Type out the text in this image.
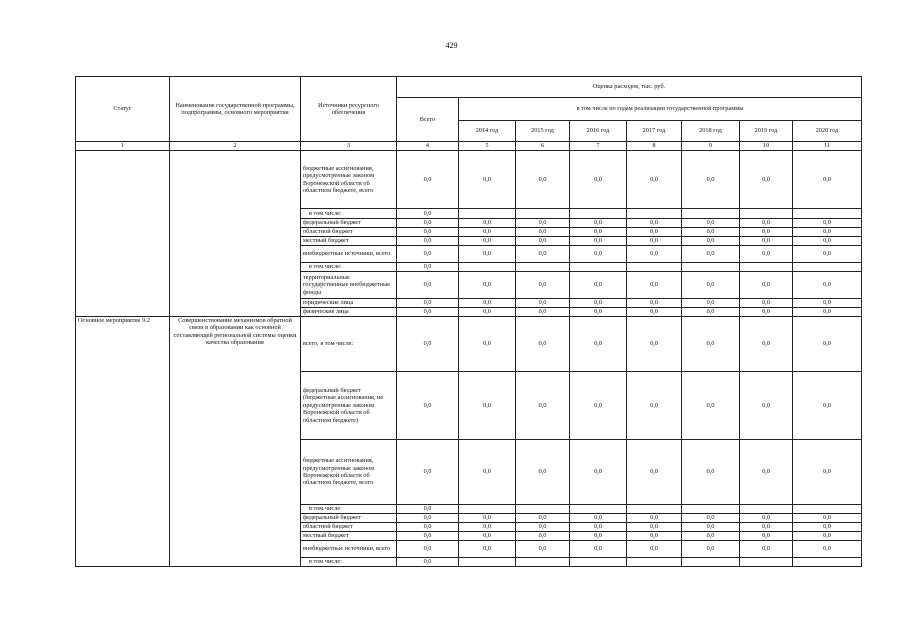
429
Статус	Наименование государственной программы, подпрограммы, основного мероприятия	Источники ресурсного обеспечения	Оценка расходов, тыс. руб.							
			Всего	в том числе по годам реализации государственной программы						
				2014 год	2015 год	2016 год	2017 год	2018 год	2019 год	2020 год
1	2	3	4	5	6	7	8	9	10	11
		бюджетные ассигнования, предусмотренные законом Воронежской области об областном бюджете, всего	0,0	0,0	0,0	0,0	0,0	0,0	0,0	0,0
		в том числе:	0,0							
		федеральный бюджет	0,0	0,0	0,0	0,0	0,0	0,0	0,0	0,0
		областной бюджет	0,0	0,0	0,0	0,0	0,0	0,0	0,0	0,0
		местный бюджет	0,0	0,0	0,0	0,0	0,0	0,0	0,0	0,0
		внебюджетные источники, всего	0,0	0,0	0,0	0,0	0,0	0,0	0,0	0,0
		в том числе:	0,0							
		территориальные государственные внебюджетные фонды	0,0	0,0	0,0	0,0	0,0	0,0	0,0	0,0
		юридические лица	0,0	0,0	0,0	0,0	0,0	0,0	0,0	0,0
		физические лица	0,0	0,0	0,0	0,0	0,0	0,0	0,0	0,0
Основное мероприятие 9.2	Совершенствование механизмов обратной связи в образовании как основной составляющей региональной системы оценки качества образования	всего, в том числе:	0,0	0,0	0,0	0,0	0,0	0,0	0,0	0,0
		федеральный бюджет (бюджетные ассигнования, не предусмотренные законом Воронежской области об областном бюджете)	0,0	0,0	0,0	0,0	0,0	0,0	0,0	0,0
		бюджетные ассигнования, предусмотренные законом Воронежской области об областном бюджете, всего	0,0	0,0	0,0	0,0	0,0	0,0	0,0	0,0
		в том числе:	0,0							
		федеральный бюджет	0,0	0,0	0,0	0,0	0,0	0,0	0,0	0,0
		областной бюджет	0,0	0,0	0,0	0,0	0,0	0,0	0,0	0,0
		местный бюджет	0,0	0,0	0,0	0,0	0,0	0,0	0,0	0,0
		внебюджетные источники, всего	0,0	0,0	0,0	0,0	0,0	0,0	0,0	0,0
		в том числе:	0,0							
